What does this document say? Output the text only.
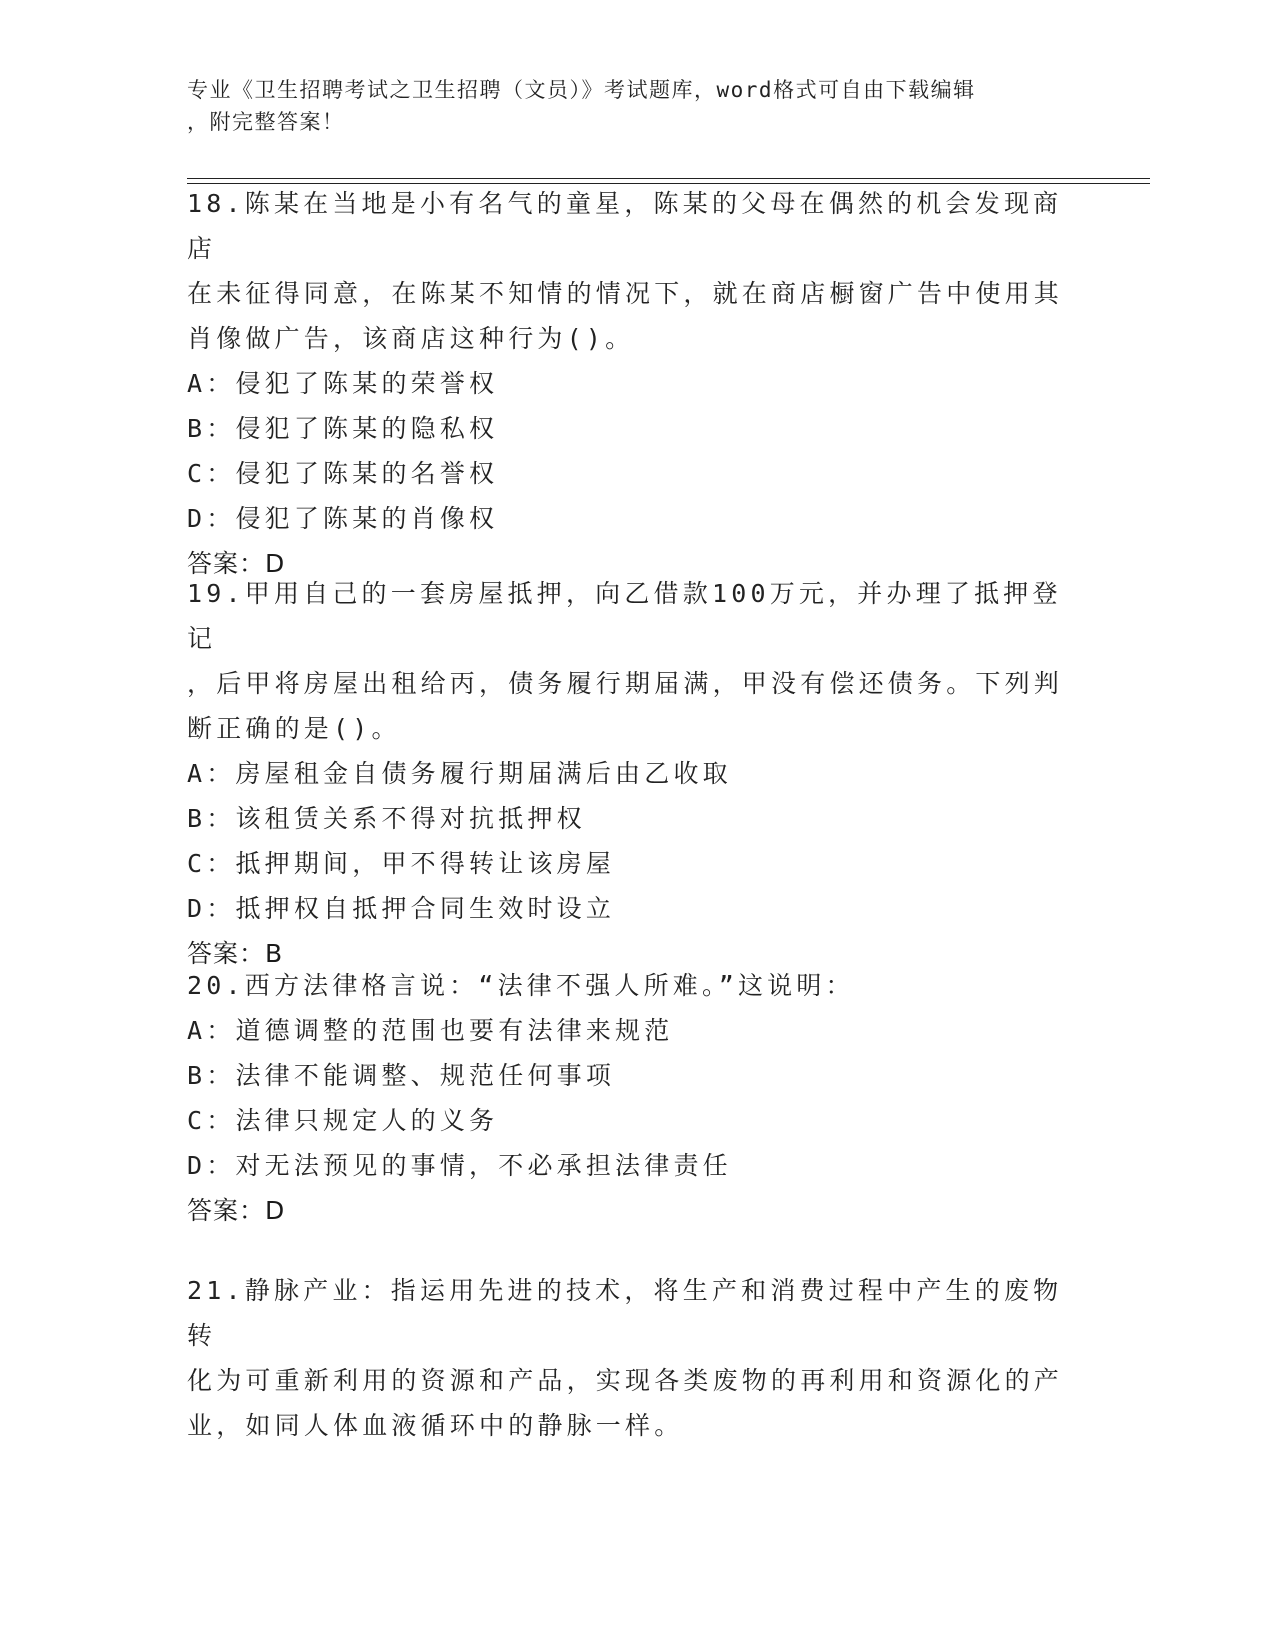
专业《卫生招聘考试之卫生招聘（文员）》考试题库，word格式可自由下载编辑
，附完整答案！
18.陈某在当地是小有名气的童星，陈某的父母在偶然的机会发现商店
在未征得同意，在陈某不知情的情况下，就在商店橱窗广告中使用其
肖像做广告，该商店这种行为()。
A：侵犯了陈某的荣誉权
B：侵犯了陈某的隐私权
C：侵犯了陈某的名誉权
D：侵犯了陈某的肖像权
答案：D
19.甲用自己的一套房屋抵押，向乙借款100万元，并办理了抵押登记
，后甲将房屋出租给丙，债务履行期届满，甲没有偿还债务。下列判
断正确的是()。
A：房屋租金自债务履行期届满后由乙收取
B：该租赁关系不得对抗抵押权
C：抵押期间，甲不得转让该房屋
D：抵押权自抵押合同生效时设立
答案：B
20.西方法律格言说：“法律不强人所难。”这说明：
A：道德调整的范围也要有法律来规范
B：法律不能调整、规范任何事项
C：法律只规定人的义务
D：对无法预见的事情，不必承担法律责任
答案：D
21.静脉产业：指运用先进的技术，将生产和消费过程中产生的废物转
化为可重新利用的资源和产品，实现各类废物的再利用和资源化的产
业，如同人体血液循环中的静脉一样。
